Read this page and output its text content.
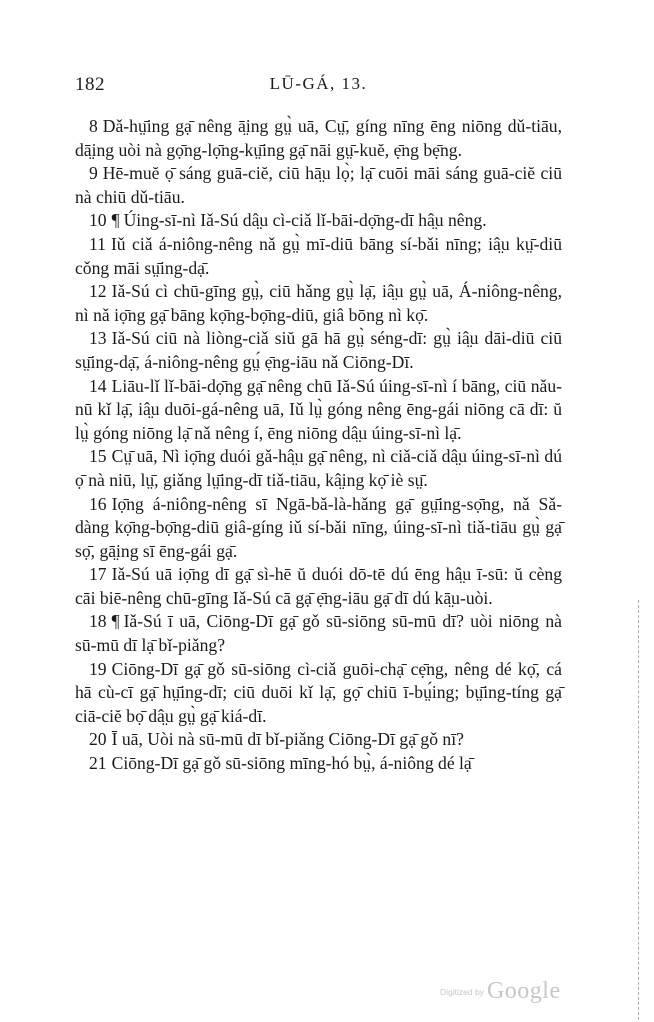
182	LŪ-GÁ, 13.

8 Dǎ-hṳ̄ing gạ̄ nêng ā̤ing gṳ̀ uā, Cṳ̄, gíng nīng ēng niōng dǔ-tiāu, dā̤ing uòi nà gọ̄ng-lọ̄ng-kṳ̄ing gạ̄ nāi gṳ̄-kuĕ, ẹ̄ng bẹ̄ng.

9 Hē-muĕ ọ̄ sáng guā-ciĕ, ciū hā̤u lọ̀; lạ̄ cuōi māi sáng guā-ciĕ ciū nà chiū dǔ-tiāu.

10 ¶ Úing-sī-nì Iǎ-Sú dâ̤u cì-ciǎ lǐ-bāi-dọ̄ng-dī hâ̤u nêng.

11 Iǔ ciǎ á-niông-nêng nǎ gṳ̀ mī-diū bāng sí-bǎi nīng; iâ̤u kṳ̄-diū cǒng māi sṳ̄ing-dạ̄.

12 Iǎ-Sú cì chū-gīng gṳ̀, ciū hǎng gṳ̀ lạ̄, iâ̤u gṳ̀ uā, Á-niông-nêng, nì nǎ iọ̄ng gạ̄ bāng kọ̄ng-bọ̄ng-diū, giâ bōng nì kọ̄.

13 Iǎ-Sú ciū nà liòng-ciǎ siŭ gā hā gṳ̀ séng-dī: gṳ̀ iâ̤u dāi-diū ciū sṳ̄ing-dạ̄, á-niông-nêng gṳ́ ẹ̄ng-iāu nǎ Ciōng-Dī.

14 Liāu-lǐ lǐ-bāi-dọ̄ng gạ̄ nêng chū Iǎ-Sú úing-sī-nì í bāng, ciū nǎu-nū kǐ lạ̄, iâ̤u duōi-gá-nêng uā, Iǔ lṳ̀ góng nêng ēng-gái niōng cā dī: ŭ lṳ̀ góng niōng lạ̄ nǎ nêng í, ēng niōng dâ̤u úing-sī-nì lạ̄.

15 Cṳ̄ uā, Nì iọ̄ng duói gǎ-hâ̤u gạ̄ nêng, nì ciǎ-ciǎ dâ̤u úing-sī-nì dú ọ̄ nà niū, lṳ̄, giǎng lṳ̄ing-dī tiǎ-tiāu, kâ̤ing kọ̄ iè sṳ̄.

16 Iọ̄ng á-niông-nêng sī Ngā-bǎ-là-hǎng gạ̄ gṳ̄ing-sọ̄ng, nǎ Sǎ-dàng kọ̄ng-bọ̄ng-diū giâ-gíng iǔ sí-bǎi nīng, úing-sī-nì tiǎ-tiāu gṳ̀ gạ̄ sọ̄, gā̤ing sī ēng-gái gạ̄.

17 Iǎ-Sú uā iọ̄ng dī gạ̄ sì-hē ŭ duói dō-tē dú ēng hâ̤u ī-sū: ŭ cèng cāi biē-nêng chū-gīng Iǎ-Sú cā gạ̄ ẹ̄ng-iāu gạ̄ dī dú kā̤u-uòi.

18 ¶ Iǎ-Sú ī uā, Ciōng-Dī gạ̄ gǒ sū-siōng sū-mū dī? uòi niōng nà sū-mū dī lạ̄ bǐ-piǎng?

19 Ciōng-Dī gạ̄ gǒ sū-siōng cì-ciǎ guōi-chạ̄ cẹ̄ng, nêng dé kọ̄, cá hā cù-cī gạ̄ hṳ̄ing-dī; ciū duōi kǐ lạ̄, gọ̄ chiū ī-bṳ́ing; bṳ̄ing-tíng gạ̄ ciā-ciĕ bọ̄ dâ̤u gṳ̀ gạ̄ kiá-dī.

20 Ī uā, Uòi nà sū-mū dī bǐ-piǎng Ciōng-Dī gạ̄ gǒ nī?

21 Ciōng-Dī gạ̄ gǒ sū-siōng mīng-hó bṳ̀, á-niông dé lạ̄

Digitized by Google
